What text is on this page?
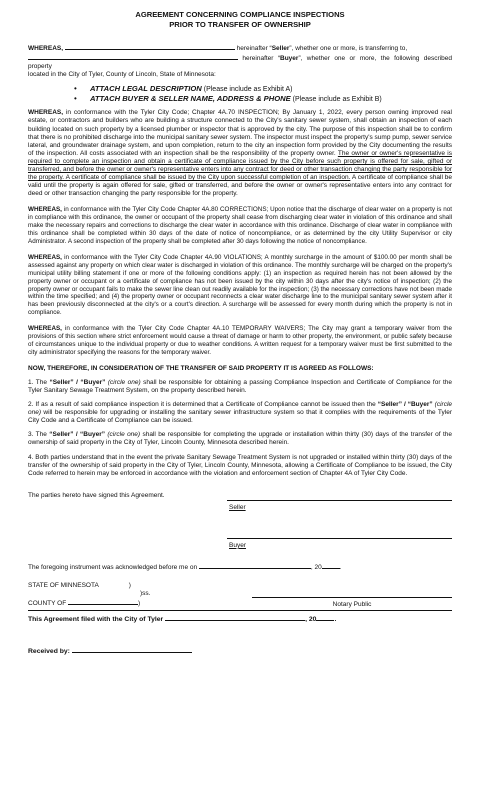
AGREEMENT CONCERNING COMPLIANCE INSPECTIONS

PRIOR TO TRANSFER OF OWNERSHIP

WHEREAS,	hereinafter “Seller”, whether one or more, is transferring to,
hereinafter “Buyer”, whether one or more, the following described property
located in the City of Tyler, County of Lincoln, State of Minnesota:

• ATTACH LEGAL DESCRIPTION (Please include as Exhibit A)
• ATTACH BUYER & SELLER NAME, ADDRESS & PHONE (Please include as Exhibit B)

WHEREAS, in conformance with the Tyler City Code; Chapter 4A.70 INSPECTION; By January 1, 2022, every person owning improved real estate, or contractors and builders who are building a structure connected to the City's sanitary sewer system, shall obtain an inspection of each building located on such property by a licensed plumber or inspector that is approved by the city. The purpose of this inspection shall be to confirm that there is no prohibited discharge into the municipal sanitary sewer system. The inspector must inspect the property's sump pump, sewer service lateral, and groundwater drainage system, and upon completion, return to the city an inspection form provided by the City documenting the results of the inspection. All costs associated with an inspection shall be the responsibility of the property owner. The owner or owner's representative is required to complete an inspection and obtain a certificate of compliance issued by the City before such property is offered for sale, gifted or transferred, and before the owner or owner's representative enters into any contract for deed or other transaction changing the party responsible for the property. A certificate of compliance shall be issued by the City upon successful completion of an inspection. A certificate of compliance shall be valid until the property is again offered for sale, gifted or transferred, and before the owner or owner's representative enters into any contract for deed or other transaction changing the party responsible for the property.

WHEREAS, in conformance with the Tyler City Code Chapter 4A.80 CORRECTIONS; Upon notice that the discharge of clear water on a property is not in compliance with this ordinance, the owner or occupant of the property shall cease from discharging clear water in violation of this ordinance and shall make the necessary repairs and corrections to discharge the clear water in accordance with this ordinance. Discharge of clear water in compliance with this ordinance shall be completed within 30 days of the date of notice of noncompliance, or as determined by the city Utility Supervisor or city Administrator. A second inspection of the property shall be completed after 30 days following the notice of noncompliance.

WHEREAS, in conformance with the Tyler City Code Chapter 4A.90 VIOLATIONS; A monthly surcharge in the amount of $100.00 per month shall be assessed against any property on which clear water is discharged in violation of this ordinance. The monthly surcharge will be charged on the property's municipal utility billing statement if one or more of the following conditions apply: (1) an inspection as required herein has not been allowed by the property owner or occupant or a certificate of compliance has not been issued by the city within 30 days after the city's notice of inspection; (2) the property owner or occupant fails to make the sewer line clean out readily available for the inspection; (3) the necessary corrections have not been made within the time specified; and (4) the property owner or occupant reconnects a clear water discharge line to the municipal sanitary sewer system after it has been previously disconnected at the city's or a court's direction. A surcharge will be assessed for every month during which the property is not in compliance.

WHEREAS, in conformance with the Tyler City Code Chapter 4A.10 TEMPORARY WAIVERS; The City may grant a temporary waiver from the provisions of this section where strict enforcement would cause a threat of damage or harm to other property, the environment, or public safety because of circumstances unique to the individual property or due to weather conditions. A written request for a temporary waiver must be first submitted to the city administrator specifying the reasons for the temporary waiver.

NOW, THEREFORE, IN CONSIDERATION OF THE TRANSFER OF SAID PROPERTY IT IS AGREED AS FOLLOWS:

1. The “Seller” / “Buyer” (circle one) shall be responsible for obtaining a passing Compliance Inspection and Certificate of Compliance for the Tyler Sanitary Sewage Treatment System, on the property described herein.

2. If as a result of said compliance inspection it is determined that a Certificate of Compliance cannot be issued then the “Seller” / “Buyer” (circle one) will be responsible for upgrading or installing the sanitary sewer infrastructure system so that it complies with the requirements of the Tyler City Code and a Certificate of Compliance can be issued.

3. The “Seller” / “Buyer” (circle one) shall be responsible for completing the upgrade or installation within thirty (30) days of the transfer of the ownership of said property in the City of Tyler, Lincoln County, Minnesota described herein.

4. Both parties understand that in the event the private Sanitary Sewage Treatment System is not upgraded or installed within thirty (30) days of the transfer of the ownership of said property in the City of Tyler, Lincoln County, Minnesota, allowing a Certificate of Compliance to be issued, the City Code referred to herein may be enforced in accordance with the violation and enforcement section of Chapter 4A of Tyler City Code.

The parties hereto have signed this Agreement.

Seller
Buyer

The foregoing instrument was acknowledged before me on	, 20	.

STATE OF MINNESOTA	)
)ss.
COUNTY OF	)	Notary Public

This Agreement filed with the City of Tyler	, 20	.

Received by:
